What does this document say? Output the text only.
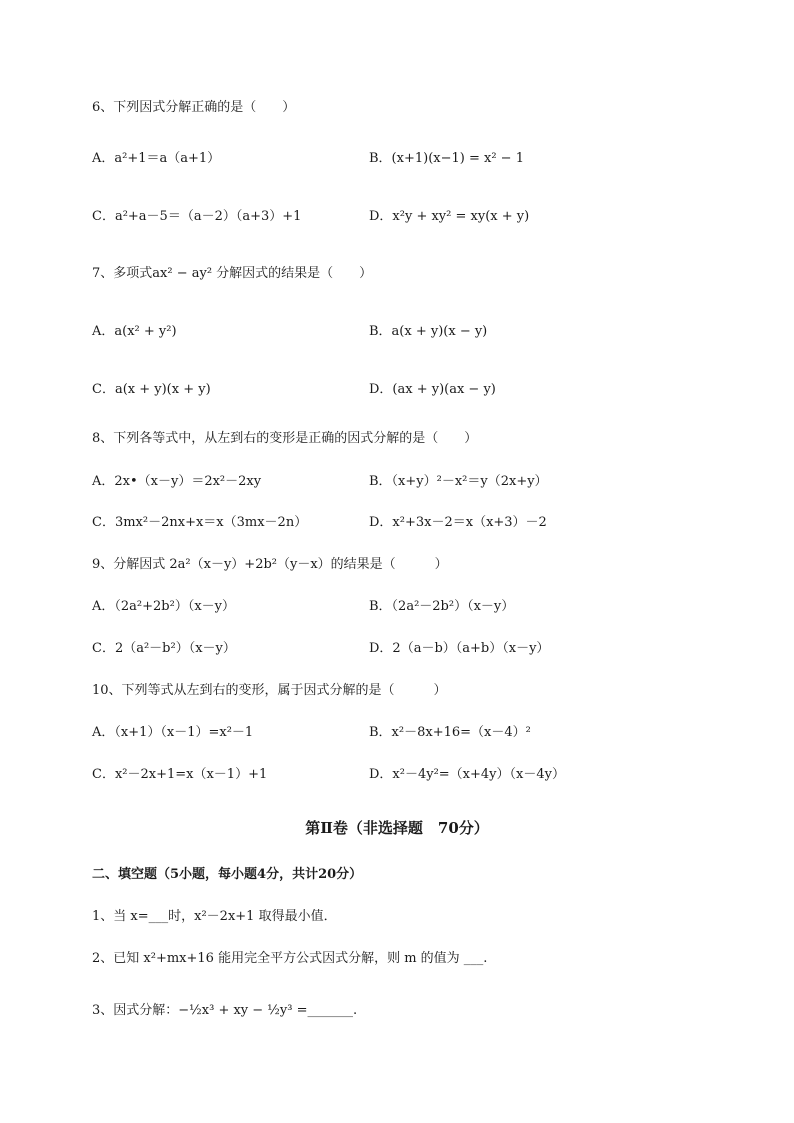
6、下列因式分解正确的是（　　）
A．a²+1＝a（a+1）	B．(x+1)(x−1) = x² − 1
C．a²+a－5＝（a－2）（a+3）+1	D．x²y + xy² = xy(x + y)
7、多项式ax² − ay² 分解因式的结果是（　　）
A．a(x² + y²)	B．a(x + y)(x − y)
C．a(x + y)(x + y)	D．(ax + y)(ax − y)
8、下列各等式中，从左到右的变形是正确的因式分解的是（　　）
A．2x•（x－y）＝2x²－2xy	B．（x+y）²－x²＝y（2x+y）
C．3mx²－2nx+x＝x（3mx－2n）	D．x²+3x－2＝x（x+3）－2
9、分解因式 2a²（x－y）+2b²（y－x）的结果是（　　　）
A．（2a²+2b²）（x－y）	B．（2a²－2b²）（x－y）
C．2（a²－b²）（x－y）	D．2（a－b）（a+b）（x－y）
10、下列等式从左到右的变形，属于因式分解的是（　　　）
A．（x+1）（x－1）=x²－1	B．x²－8x+16=（x－4）²
C．x²－2x+1=x（x－1）+1	D．x²－4y²=（x+4y）（x－4y）
第Ⅱ卷（非选择题　70分）
二、填空题（5小题，每小题4分，共计20分）
1、当 x=___时，x²－2x+1 取得最小值．
2、已知 x²+mx+16 能用完全平方公式因式分解，则 m 的值为 ___.
3、因式分解：−½x³ + xy − ½y³ =_______.
